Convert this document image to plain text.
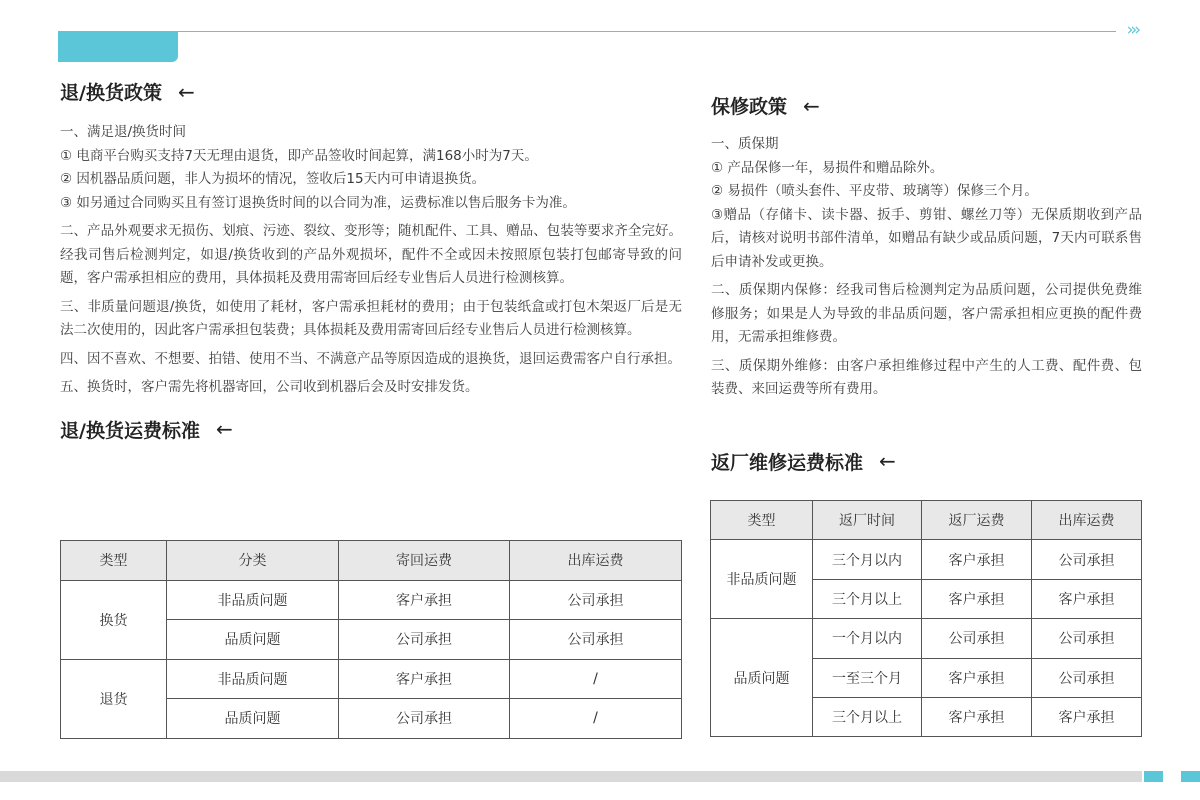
›››
退/换货政策 ←

一、满足退/换货时间
① 电商平台购买支持7天无理由退货，即产品签收时间起算，满168小时为7天。
② 因机器品质问题，非人为损坏的情况，签收后15天内可申请退换货。
③ 如另通过合同购买且有签订退换货时间的以合同为准，运费标准以售后服务卡为准。

二、产品外观要求无损伤、划痕、污迹、裂纹、变形等；随机配件、工具、赠品、包装等要求齐全完好。经我司售后检测判定，如退/换货收到的产品外观损坏，配件不全或因未按照原包装打包邮寄导致的问题，客户需承担相应的费用，具体损耗及费用需寄回后经专业售后人员进行检测核算。

三、非质量问题退/换货，如使用了耗材，客户需承担耗材的费用；由于包装纸盒或打包木架返厂后是无法二次使用的，因此客户需承担包装费；具体损耗及费用需寄回后经专业售后人员进行检测核算。

四、因不喜欢、不想要、拍错、使用不当、不满意产品等原因造成的退换货，退回运费需客户自行承担。

五、换货时，客户需先将机器寄回，公司收到机器后会及时安排发货。

退/换货运费标准 ←
类型	分类	寄回运费	出库运费
换货	非品质问题	客户承担	公司承担
	品质问题	公司承担	公司承担
退货	非品质问题	客户承担	/
	品质问题	公司承担	/
保修政策 ←

一、质保期
① 产品保修一年，易损件和赠品除外。
② 易损件（喷头套件、平皮带、玻璃等）保修三个月。
③赠品（存储卡、读卡器、扳手、剪钳、螺丝刀等）无保质期收到产品后，请核对说明书部件清单，如赠品有缺少或品质问题，7天内可联系售后申请补发或更换。

二、质保期内保修：经我司售后检测判定为品质问题，公司提供免费维修服务；如果是人为导致的非品质问题，客户需承担相应更换的配件费用，无需承担维修费。

三、质保期外维修：由客户承担维修过程中产生的人工费、配件费、包装费、来回运费等所有费用。

返厂维修运费标准 ←
类型	返厂时间	返厂运费	出库运费
非品质问题	三个月以内	客户承担	公司承担
	三个月以上	客户承担	客户承担
品质问题	一个月以内	公司承担	公司承担
	一至三个月	客户承担	公司承担
	三个月以上	客户承担	客户承担
